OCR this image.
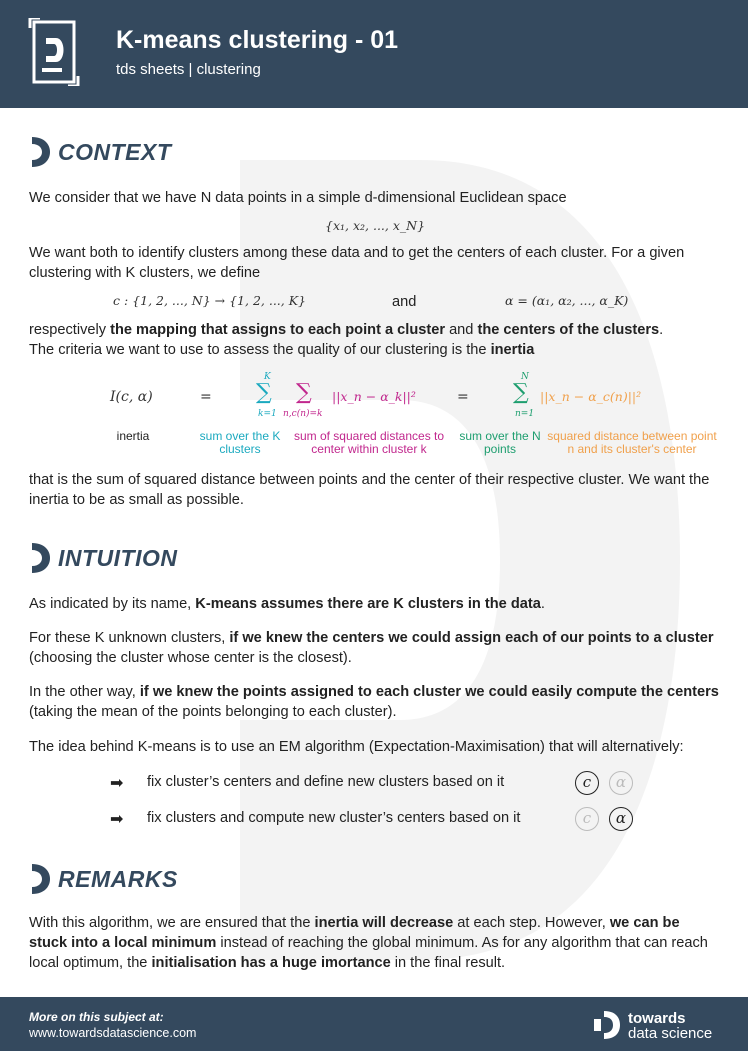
K-means clustering - 01
tds sheets | clustering
CONTEXT
We consider that we have N data points in a simple d-dimensional Euclidean space
{x₁, x₂, ..., x_N}
We want both to identify clusters among these data and to get the centers of each cluster. For a given clustering with K clusters, we define
c : {1, 2, ..., N} → {1, 2, ..., K}	and	α = (α₁, α₂, ..., α_K)
respectively the mapping that assigns to each point a cluster and the centers of the clusters.
The criteria we want to use to assess the quality of our clustering is the inertia
I(c, α)	=
K
∑
k=1
∑
n,c(n)=k
||x_n − α_k||²	=
N
∑
n=1
||x_n − α_c(n)||²
inertia	sum over the K clusters
sum of squared distances to center within cluster k
sum over the N points
squared distance between point n and its cluster's center
that is the sum of squared distance between points and the center of their respective cluster. We want the inertia to be as small as possible.
INTUITION
As indicated by its name, K-means assumes there are K clusters in the data.
For these K unknown clusters, if we knew the centers we could assign each of our points to a cluster (choosing the cluster whose center is the closest).
In the other way, if we knew the points assigned to each cluster we could easily compute the centers (taking the mean of the points belonging to each cluster).
The idea behind K-means is to use an EM algorithm (Expectation-Maximisation) that will alternatively:
➡ fix cluster’s centers and define new clusters based on it	c	α
➡ fix clusters and compute new cluster’s centers based on it	c	α
REMARKS
With this algorithm, we are ensured that the inertia will decrease at each step. However, we can be stuck into a local minimum instead of reaching the global minimum. As for any algorithm that can reach local optimum, the initialisation has a huge imortance in the final result.
More on this subject at:
www.towardsdatascience.com
towards
data science
